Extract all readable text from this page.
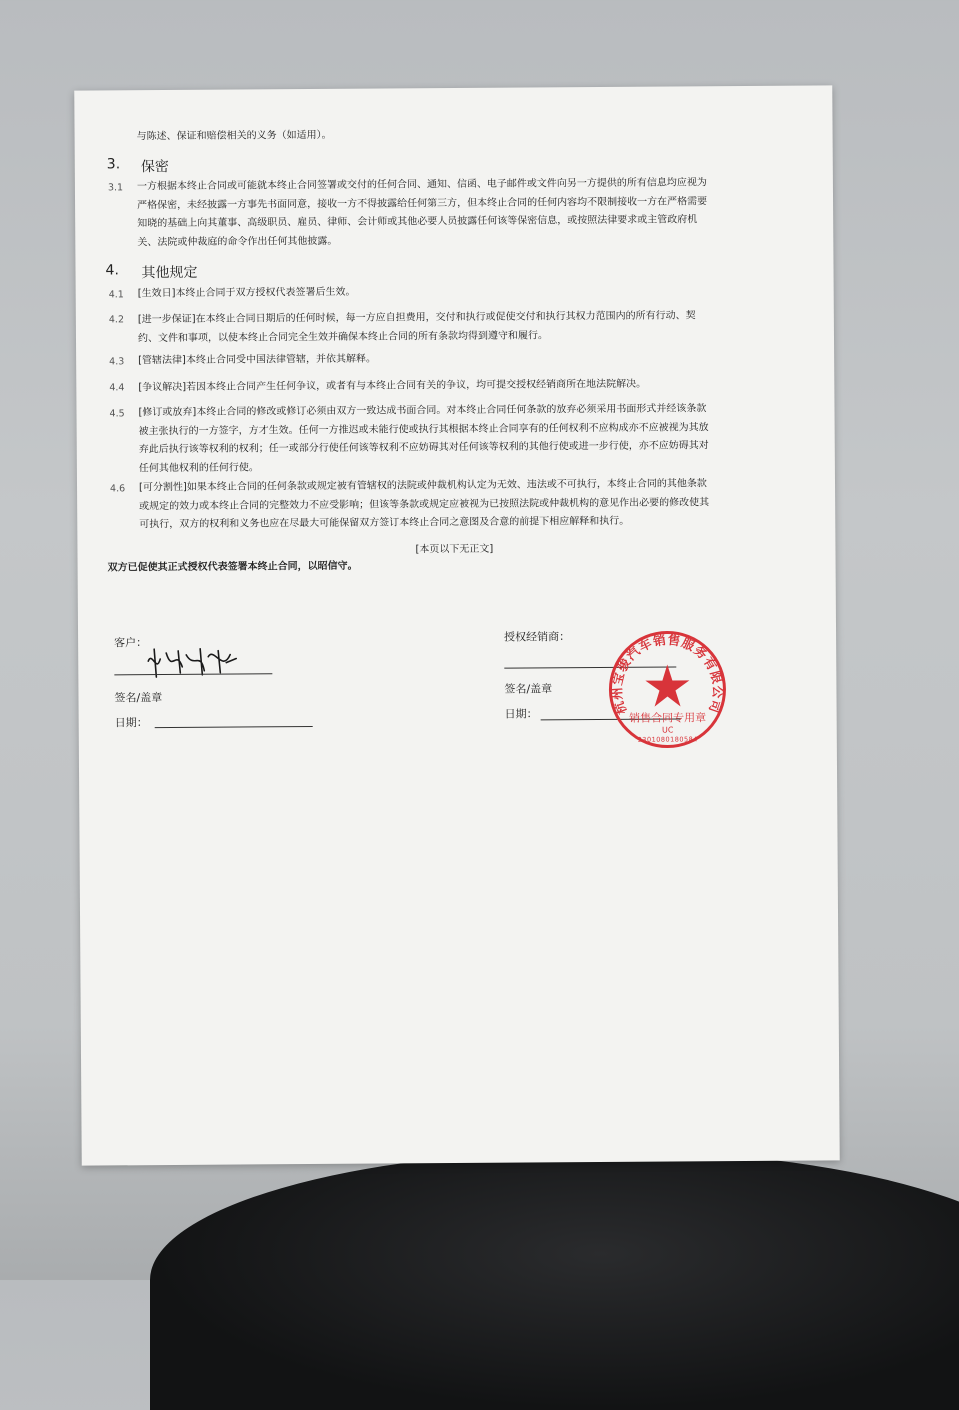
与陈述、保证和赔偿相关的义务（如适用）。
3. 保密
3.1 一方根据本终止合同或可能就本终止合同签署或交付的任何合同、通知、信函、电子邮件或文件向另一方提供的所有信息均应视为
严格保密，未经披露一方事先书面同意，接收一方不得披露给任何第三方，但本终止合同的任何内容均不限制接收一方在严格需要
知晓的基础上向其董事、高级职员、雇员、律师、会计师或其他必要人员披露任何该等保密信息，或按照法律要求或主管政府机
关、法院或仲裁庭的命令作出任何其他披露。
4. 其他规定
4.1 [生效日]本终止合同于双方授权代表签署后生效。
4.2 [进一步保证]在本终止合同日期后的任何时候，每一方应自担费用，交付和执行或促使交付和执行其权力范围内的所有行动、契
约、文件和事项，以使本终止合同完全生效并确保本终止合同的所有条款均得到遵守和履行。
4.3 [管辖法律]本终止合同受中国法律管辖，并依其解释。
4.4 [争议解决]若因本终止合同产生任何争议，或者有与本终止合同有关的争议，均可提交授权经销商所在地法院解决。
4.5 [修订或放弃]本终止合同的修改或修订必须由双方一致达成书面合同。对本终止合同任何条款的放弃必须采用书面形式并经该条款
被主张执行的一方签字，方才生效。任何一方推迟或未能行使或执行其根据本终止合同享有的任何权利不应构成亦不应被视为其放
弃此后执行该等权利的权利；任一或部分行使任何该等权利不应妨碍其对任何该等权利的其他行使或进一步行使，亦不应妨碍其对
任何其他权利的任何行使。
4.6 [可分割性]如果本终止合同的任何条款或规定被有管辖权的法院或仲裁机构认定为无效、违法或不可执行，本终止合同的其他条款
或规定的效力或本终止合同的完整效力不应受影响；但该等条款或规定应被视为已按照法院或仲裁机构的意见作出必要的修改使其
可执行，双方的权利和义务也应在尽最大可能保留双方签订本终止合同之意图及合意的前提下相应解释和执行。
[本页以下无正文]
双方已促使其正式授权代表签署本终止合同，以昭信守。
客户：
签名/盖章
日期：
授权经销商：
签名/盖章
日期：	杭州宝骏汽车销售服务有限公司
销售合同专用章
UC
3301080180584
